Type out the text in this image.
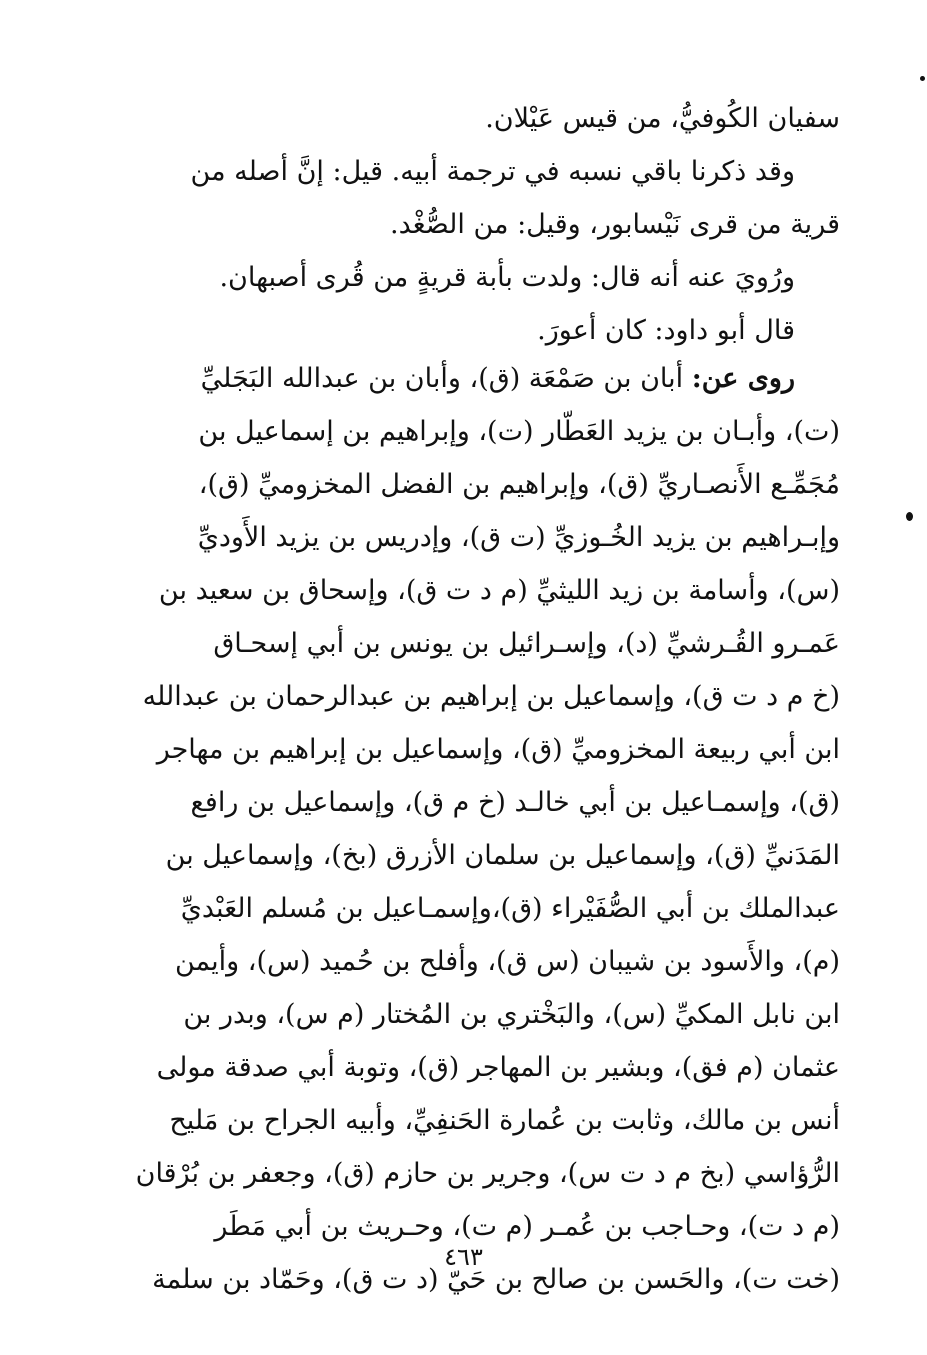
سفيان الكُوفيُّ، من قيس عَيْلان.
وقد ذكرنا باقي نسبه في ترجمة أبيه. قيل: إنَّ أصله من
قرية من قرى نَيْسابور، وقيل: من الصُّغْد.
ورُويَ عنه أنه قال: ولدت بأبة قريةٍ من قُرى أصبهان.
قال أبو داود: كان أعورَ.
روى عن: أبان بن صَمْعَة (ق)، وأبان بن عبدالله البَجَليِّ
(ت)، وأبـان بن يزيد العَطّار (ت)، وإبراهيم بن إسماعيل بن
مُجَمِّـع الأَنصـاريِّ (ق)، وإبراهيم بن الفضل المخزوميِّ (ق)،
وإبـراهيم بن يزيد الخُـوزيِّ (ت ق)، وإدريس بن يزيد الأَوديِّ
(س)، وأسامة بن زيد الليثيِّ (م د ت ق)، وإسحاق بن سعيد بن
عَمـرو القُـرشيِّ (د)، وإسـرائيل بن يونس بن أبي إسحـاق
(خ م د ت ق)، وإسماعيل بن إبراهيم بن عبدالرحمان بن عبدالله
ابن أبي ربيعة المخزوميِّ (ق)، وإسماعيل بن إبراهيم بن مهاجر
(ق)، وإسمـاعيل بن أبي خالـد (خ م ق)، وإسماعيل بن رافع
المَدَنيِّ (ق)، وإسماعيل بن سلمان الأزرق (بخ)، وإسماعيل بن
عبدالملك بن أبي الصُّفَيْراء (ق)،وإسمـاعيل بن مُسلم العَبْديِّ
(م)، والأَسود بن شيبان (س ق)، وأفلح بن حُميد (س)، وأيمن
ابن نابل المكيِّ (س)، والبَخْتري بن المُختار (م س)، وبدر بن
عثمان (م فق)، وبشير بن المهاجر (ق)، وتوبة أبي صدقة مولى
أنس بن مالك، وثابت بن عُمارة الحَنفِيِّ، وأبيه الجراح بن مَليح
الرُّؤاسي (بخ م د ت س)، وجرير بن حازم (ق)، وجعفر بن بُرْقان
(م د ت)، وحـاجب بن عُمـر (م ت)، وحـريث بن أبي مَطَر
(خت ت)، والحَسن بن صالح بن حَيّ (د ت ق)، وحَمّاد بن سلمة
٤٦٣
